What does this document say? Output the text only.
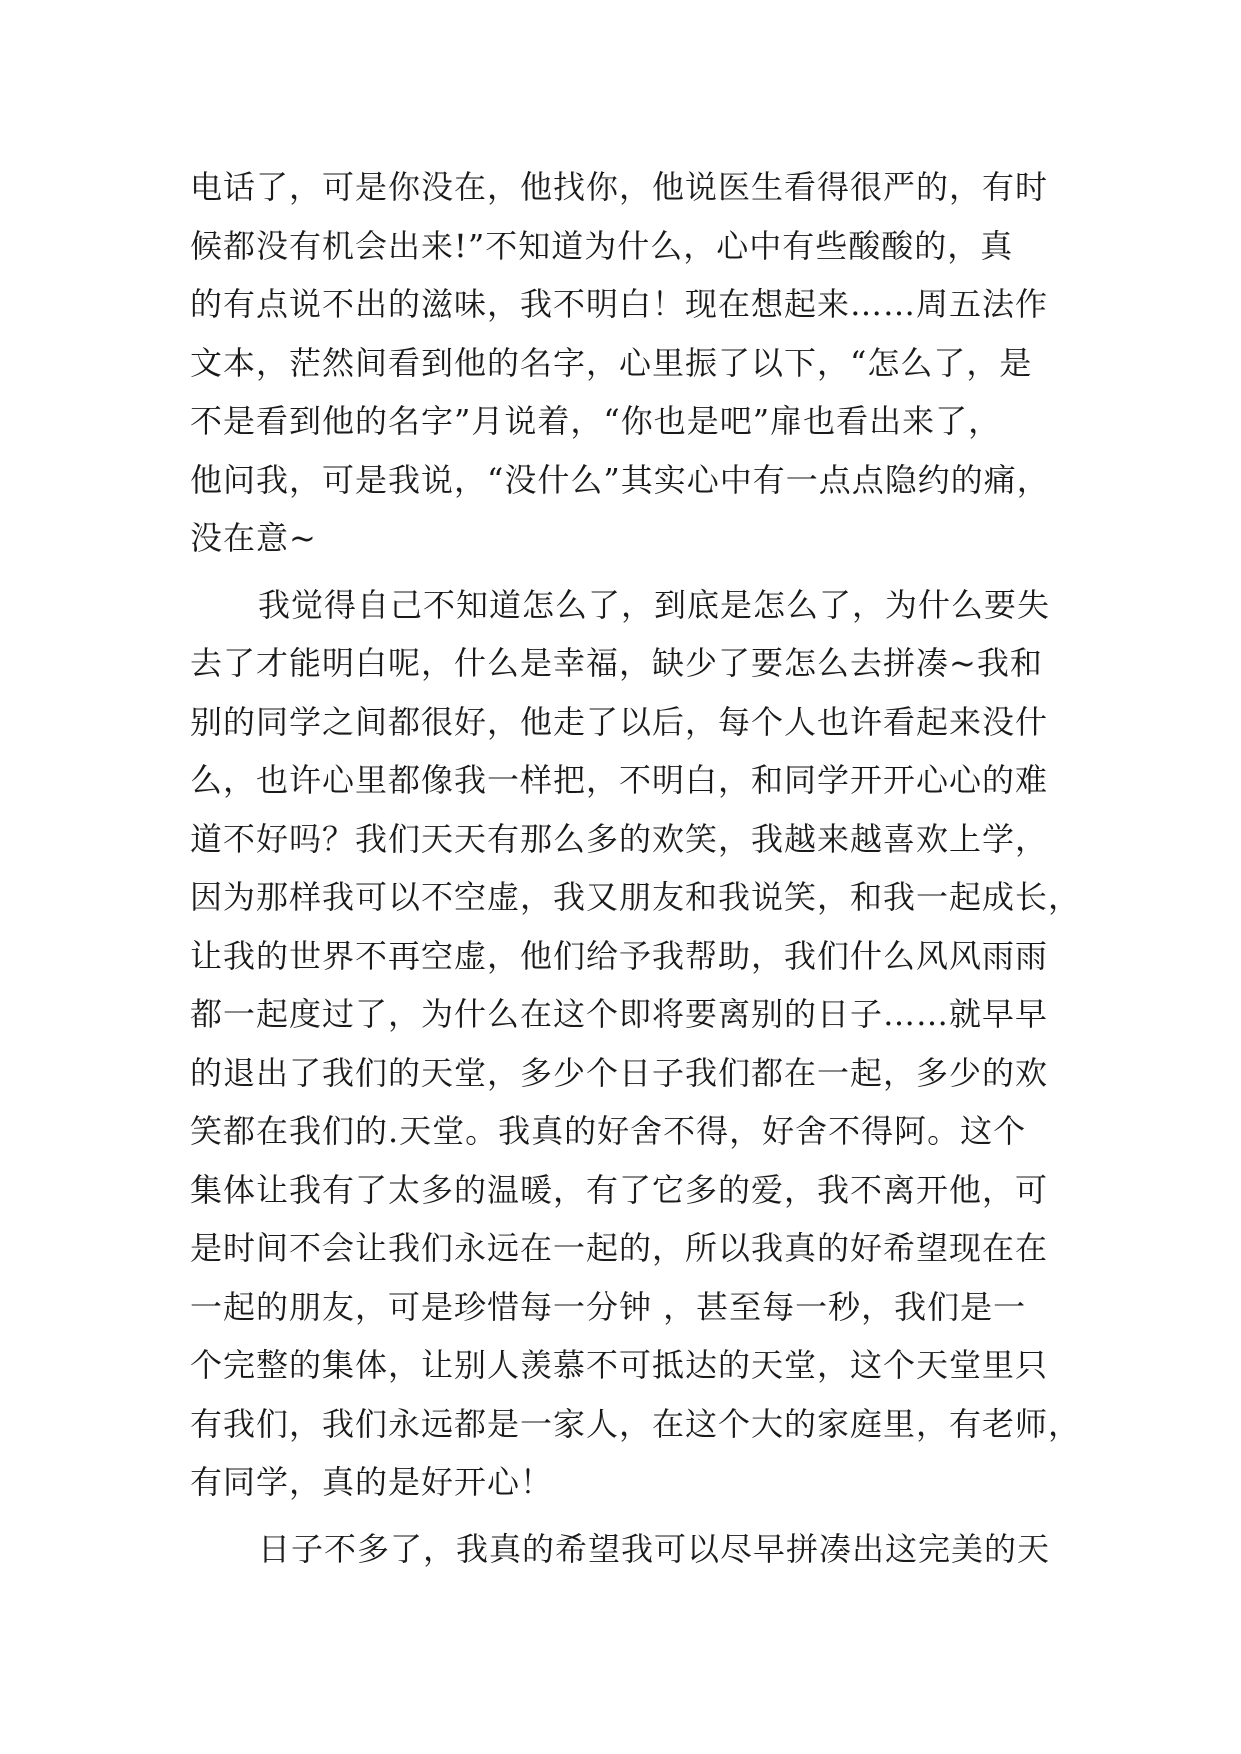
电话了，可是你没在，他找你，他说医生看得很严的，有时
候都没有机会出来!”不知道为什么，心中有些酸酸的，真
的有点说不出的滋味，我不明白！现在想起来……周五法作
文本，茫然间看到他的名字，心里振了以下，“怎么了，是
不是看到他的名字”月说着，“你也是吧”扉也看出来了，
他问我，可是我说，“没什么”其实心中有一点点隐约的痛，
没在意~
我觉得自己不知道怎么了，到底是怎么了，为什么要失
去了才能明白呢，什么是幸福，缺少了要怎么去拼凑~我和
别的同学之间都很好，他走了以后，每个人也许看起来没什
么，也许心里都像我一样把，不明白，和同学开开心心的难
道不好吗？我们天天有那么多的欢笑，我越来越喜欢上学，
因为那样我可以不空虚，我又朋友和我说笑，和我一起成长，
让我的世界不再空虚，他们给予我帮助，我们什么风风雨雨
都一起度过了，为什么在这个即将要离别的日子……就早早
的退出了我们的天堂，多少个日子我们都在一起，多少的欢
笑都在我们的.天堂。我真的好舍不得，好舍不得阿。这个
集体让我有了太多的温暖，有了它多的爱，我不离开他，可
是时间不会让我们永远在一起的，所以我真的好希望现在在
一起的朋友，可是珍惜每一分钟 ，甚至每一秒，我们是一
个完整的集体，让别人羡慕不可抵达的天堂，这个天堂里只
有我们，我们永远都是一家人，在这个大的家庭里，有老师，
有同学，真的是好开心！
日子不多了，我真的希望我可以尽早拼凑出这完美的天
